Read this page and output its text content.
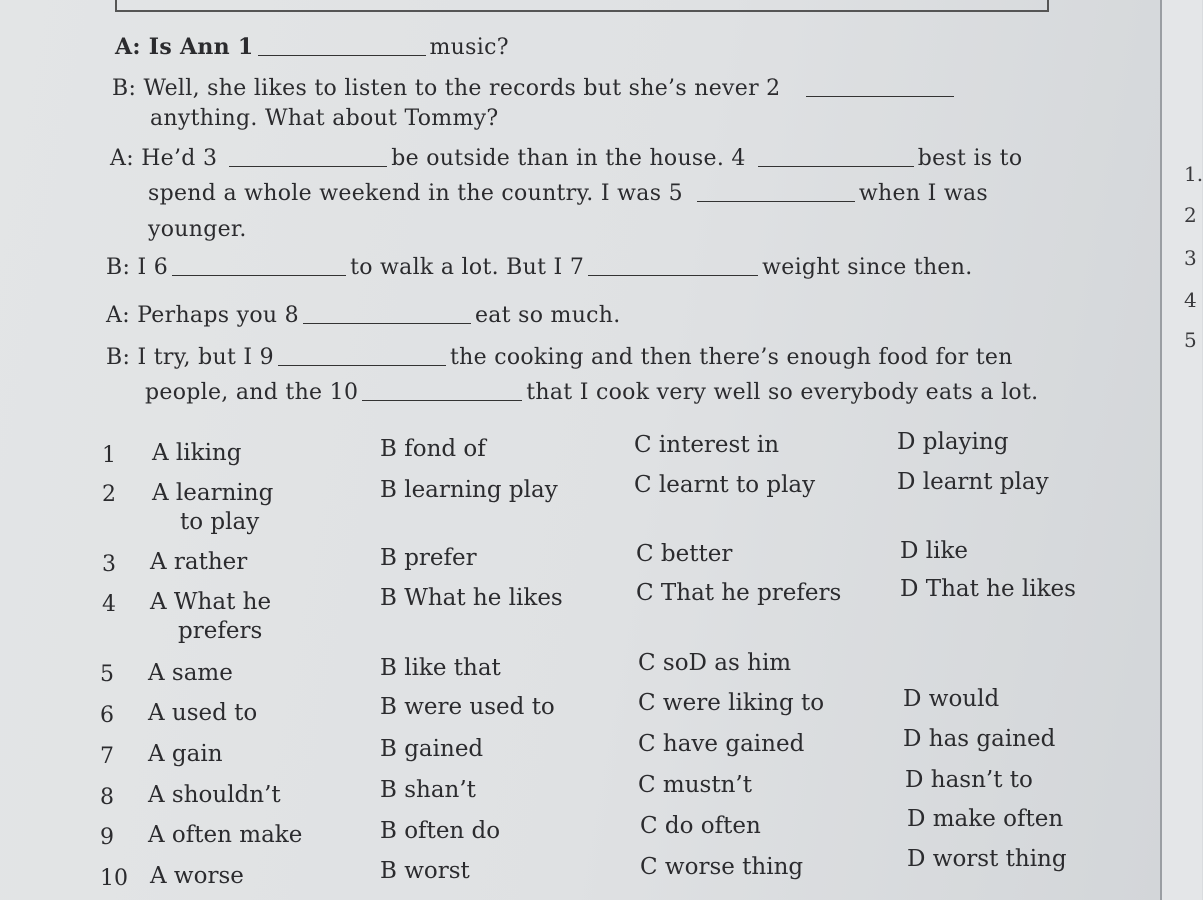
A: Is Ann 1	music?
B: Well, she likes to listen to the records but she’s never 2
anything. What about Tommy?
A: He’d 3	be outside than in the house. 4	best is to
spend a whole weekend in the country. I was 5	when I was
younger.
B: I 6	to walk a lot. But I 7	weight since then.
A: Perhaps you 8	eat so much.
B: I try, but I 9	the cooking and then there’s enough food for ten
people, and the 10	that I cook very well so everybody eats a lot.
1 A liking	B fond of	C interest in	D playing
2 A learning
to play
B learning play	C learnt to play	D learnt play
3 A rather	B prefer	C better	D like
4 A What he
prefers
B What he likes	C That he prefers	D That he likes
5 A same	B like that	C soD as him
6 A used to	B were used to	C were liking to	D would
7 A gain	B gained	C have gained	D has gained
8 A shouldn’t	B shan’t	C mustn’t	D hasn’t to
9 A often make	B often do	C do often	D make often
10 A worse	B worst	C worse thing	D worst thing
1.
2
3
4
5
